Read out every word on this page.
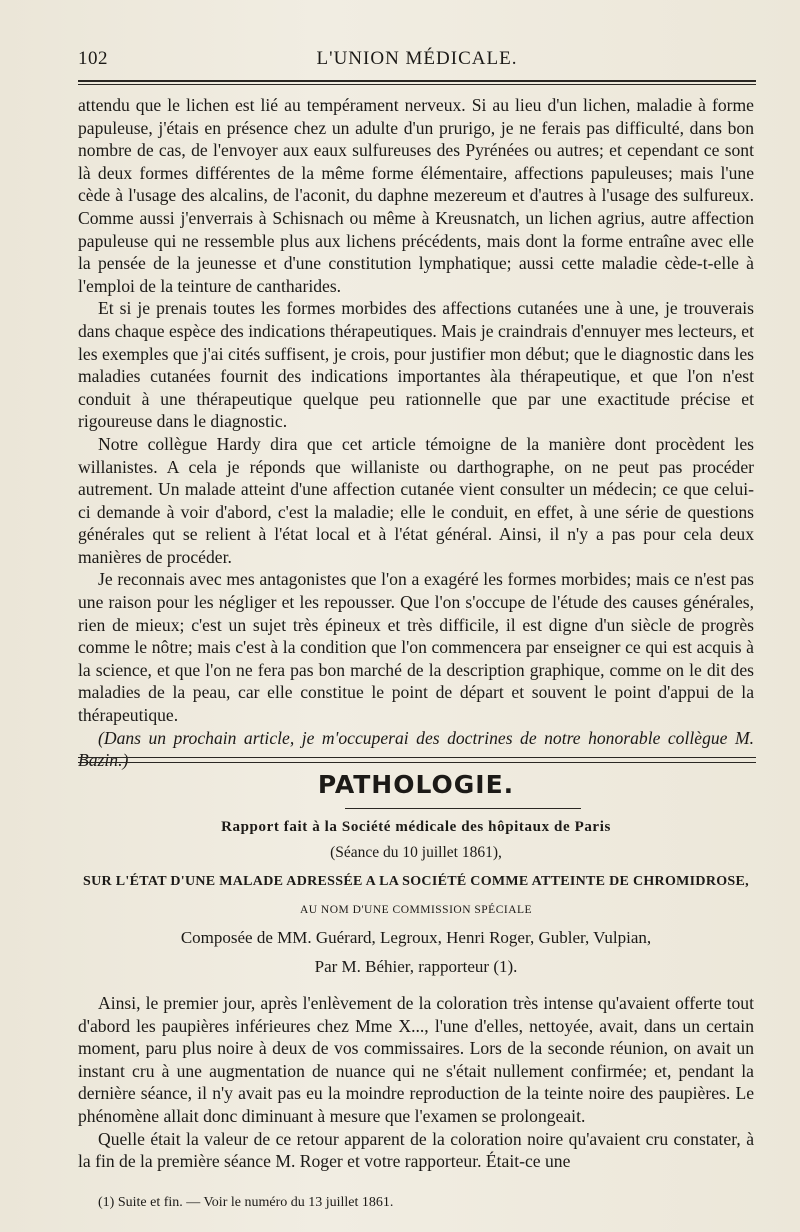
102	L'UNION MÉDICALE.

attendu que le lichen est lié au tempérament nerveux. Si au lieu d'un lichen, maladie à forme papuleuse, j'étais en présence chez un adulte d'un prurigo, je ne ferais pas difficulté, dans bon nombre de cas, de l'envoyer aux eaux sulfureuses des Pyrénées ou autres; et cependant ce sont là deux formes différentes de la même forme élémentaire, affections papuleuses; mais l'une cède à l'usage des alcalins, de l'aconit, du daphne mezereum et d'autres à l'usage des sulfureux. Comme aussi j'enverrais à Schisnach ou même à Kreusnatch, un lichen agrius, autre affection papuleuse qui ne ressemble plus aux lichens précédents, mais dont la forme entraîne avec elle la pensée de la jeunesse et d'une constitution lymphatique; aussi cette maladie cède-t-elle à l'emploi de la teinture de cantharides.

Et si je prenais toutes les formes morbides des affections cutanées une à une, je trouverais dans chaque espèce des indications thérapeutiques. Mais je craindrais d'ennuyer mes lecteurs, et les exemples que j'ai cités suffisent, je crois, pour justifier mon début; que le diagnostic dans les maladies cutanées fournit des indications importantes àla thérapeutique, et que l'on n'est conduit à une thérapeutique quelque peu rationnelle que par une exactitude précise et rigoureuse dans le diagnostic.

Notre collègue Hardy dira que cet article témoigne de la manière dont procèdent les willanistes. A cela je réponds que willaniste ou darthographe, on ne peut pas procéder autrement. Un malade atteint d'une affection cutanée vient consulter un médecin; ce que celui-ci demande à voir d'abord, c'est la maladie; elle le conduit, en effet, à une série de questions générales qut se relient à l'état local et à l'état général. Ainsi, il n'y a pas pour cela deux manières de procéder.

Je reconnais avec mes antagonistes que l'on a exagéré les formes morbides; mais ce n'est pas une raison pour les négliger et les repousser. Que l'on s'occupe de l'étude des causes générales, rien de mieux; c'est un sujet très épineux et très difficile, il est digne d'un siècle de progrès comme le nôtre; mais c'est à la condition que l'on commencera par enseigner ce qui est acquis à la science, et que l'on ne fera pas bon marché de la description graphique, comme on le dit des maladies de la peau, car elle constitue le point de départ et souvent le point d'appui de la thérapeutique.

(Dans un prochain article, je m'occuperai des doctrines de notre honorable collègue M. Bazin.)

PATHOLOGIE.
Rapport fait à la Société médicale des hôpitaux de Paris
(Séance du 10 juillet 1861),
SUR L'ÉTAT D'UNE MALADE ADRESSÉE A LA SOCIÉTÉ COMME ATTEINTE DE CHROMIDROSE,
AU NOM D'UNE COMMISSION SPÉCIALE
Composée de MM. Guérard, Legroux, Henri Roger, Gubler, Vulpian,
Par M. Béhier, rapporteur (1).

Ainsi, le premier jour, après l'enlèvement de la coloration très intense qu'avaient offerte tout d'abord les paupières inférieures chez Mme X..., l'une d'elles, nettoyée, avait, dans un certain moment, paru plus noire à deux de vos commissaires. Lors de la seconde réunion, on avait un instant cru à une augmentation de nuance qui ne s'était nullement confirmée; et, pendant la dernière séance, il n'y avait pas eu la moindre reproduction de la teinte noire des paupières. Le phénomène allait donc diminuant à mesure que l'examen se prolongeait.

Quelle était la valeur de ce retour apparent de la coloration noire qu'avaient cru constater, à la fin de la première séance M. Roger et votre rapporteur. Était-ce une

(1) Suite et fin. — Voir le numéro du 13 juillet 1861.
